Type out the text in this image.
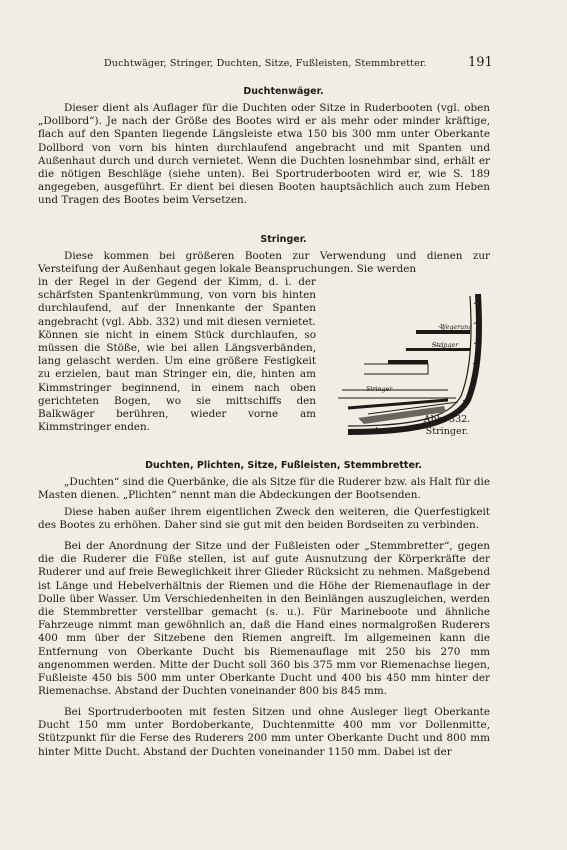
Duchtwäger, Stringer, Duchten, Sitze, Fußleisten, Stemmbretter.	191
Duchtenwäger.

Dieser dient als Auflager für die Duchten oder Sitze in Ruderbooten (vgl. oben „Dollbord“). Je nach der Größe des Bootes wird er als mehr oder minder kräftige, flach auf den Spanten liegende Längsleiste etwa 150 bis 300 mm unter Oberkante Dollbord von vorn bis hinten durchlaufend angebracht und mit Spanten und Außenhaut durch und durch vernietet. Wenn die Duchten losnehmbar sind, erhält er die nötigen Beschläge (siehe unten). Bei Sportruderbooten wird er, wie S. 189 angegeben, ausgeführt. Er dient bei diesen Booten hauptsächlich auch zum Heben und Tragen des Bootes beim Versetzen.

Stringer.

Diese kommen bei größeren Booten zur Verwendung und dienen zur Versteifung der Außenhaut gegen lokale Beanspruchungen. Sie werden

in der Regel in der Gegend der Kimm, d. i. der schärfsten Spantenkrümmung, von vorn bis hinten durchlaufend, auf der Innenkante der Spanten angebracht (vgl. Abb. 332) und mit diesen vernietet. Können sie nicht in einem Stück durchlaufen, so müssen die Stöße, wie bei allen Längsverbänden, lang gelascht werden. Um eine größere Festigkeit zu erzielen, baut man Stringer ein, die, hinten am Kimmstringer beginnend, in einem nach oben gerichteten Bogen, wo sie mittschiffs den Balkwäger berühren, wieder vorne am Kimmstringer enden.

Wegerung
Stringer
Stringer
Abb. 332.
Stringer.
Duchten, Plichten, Sitze, Fußleisten, Stemmbretter.

„Duchten“ sind die Querbänke, die als Sitze für die Ruderer bzw. als Halt für die Masten dienen. „Plichten“ nennt man die Abdeckungen der Bootsenden.

Diese haben außer ihrem eigentlichen Zweck den weiteren, die Querfestigkeit des Bootes zu erhöhen. Daher sind sie gut mit den beiden Bordseiten zu verbinden.

Bei der Anordnung der Sitze und der Fußleisten oder „Stemmbretter“, gegen die die Ruderer die Füße stellen, ist auf gute Ausnutzung der Körperkräfte der Ruderer und auf freie Beweglichkeit ihrer Glieder Rücksicht zu nehmen. Maßgebend ist Länge und Hebelverhältnis der Riemen und die Höhe der Riemenauflage in der Dolle über Wasser. Um Verschiedenheiten in den Beinlängen auszugleichen, werden die Stemmbretter verstellbar gemacht (s. u.). Für Marineboote und ähnliche Fahrzeuge nimmt man gewöhnlich an, daß die Hand eines normalgroßen Ruderers 400 mm über der Sitzebene den Riemen angreift. Im allgemeinen kann die Entfernung von Oberkante Ducht bis Riemenauflage mit 250 bis 270 mm angenommen werden. Mitte der Ducht soll 360 bis 375 mm vor Riemenachse liegen, Fußleiste 450 bis 500 mm unter Oberkante Ducht und 400 bis 450 mm hinter der Riemenachse. Abstand der Duchten voneinander 800 bis 845 mm.

Bei Sportruderbooten mit festen Sitzen und ohne Ausleger liegt Oberkante Ducht 150 mm unter Bordoberkante, Duchtenmitte 400 mm vor Dollenmitte, Stützpunkt für die Ferse des Ruderers 200 mm unter Oberkante Ducht und 800 mm hinter Mitte Ducht. Abstand der Duchten voneinander 1150 mm. Dabei ist der
